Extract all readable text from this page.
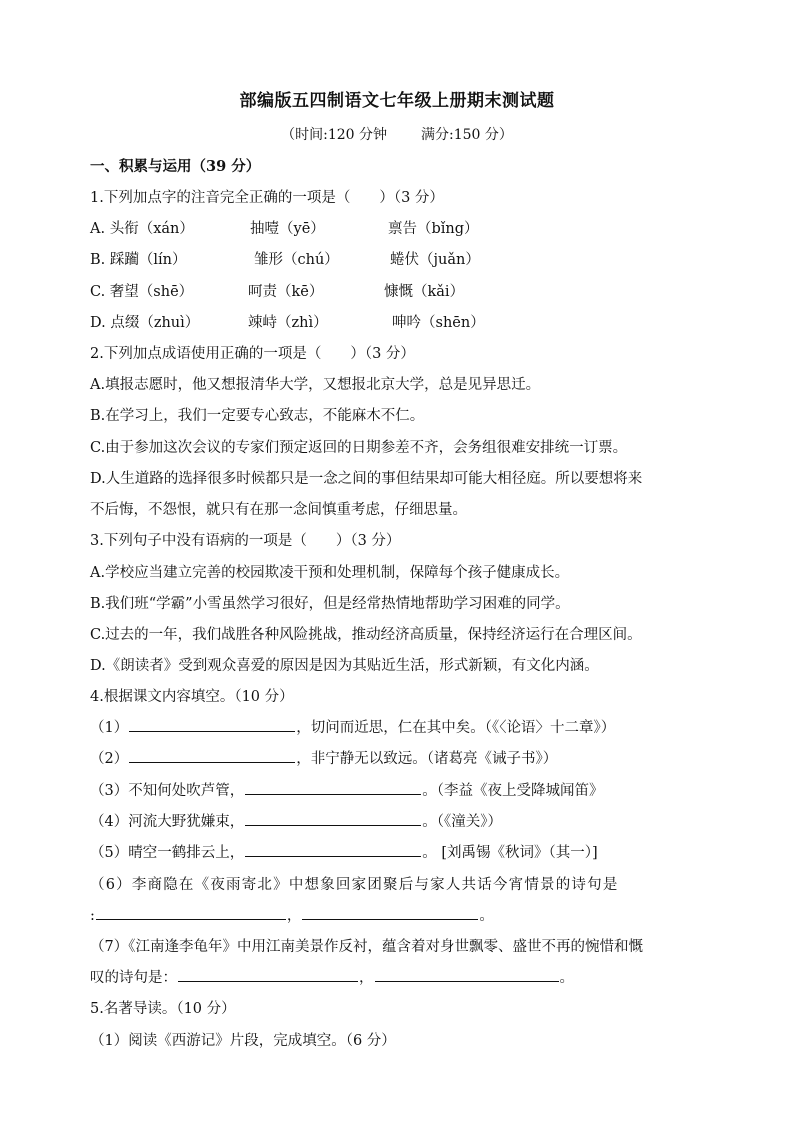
部编版五四制语文七年级上册期末测试题
（时间:120 分钟 满分:150 分）
一、积累与运用（39 分）
1.下列加点字的注音完全正确的一项是（　　）（3 分）
A. 头衔（xán）	抽噎（yē）	禀告（bǐng）
B. 踩躏（lín）	雏形（chú）	蜷伏（juǎn）
C. 奢望（shē）	呵责（kē）	慷慨（kǎi）
D. 点缀（zhuì）	竦峙（zhì）	呻吟（shēn）
2.下列加点成语使用正确的一项是（　　）（3 分）
A.填报志愿时，他又想报清华大学，又想报北京大学，总是见异思迁。
B.在学习上，我们一定要专心致志，不能麻木不仁。
C.由于参加这次会议的专家们预定返回的日期参差不齐，会务组很难安排统一订票。
D.人生道路的选择很多时候都只是一念之间的事但结果却可能大相径庭。所以要想将来
不后悔，不怨恨，就只有在那一念间慎重考虑，仔细思量。
3.下列句子中没有语病的一项是（　　）（3 分）
A.学校应当建立完善的校园欺凌干预和处理机制，保障每个孩子健康成长。
B.我们班“学霸”小雪虽然学习很好，但是经常热情地帮助学习困难的同学。
C.过去的一年，我们战胜各种风险挑战，推动经济高质量，保持经济运行在合理区间。
D.《朗读者》受到观众喜爱的原因是因为其贴近生活，形式新颖，有文化内涵。
4.根据课文内容填空。（10 分）
（1）	，切问而近思，仁在其中矣。（《〈论语〉十二章》）
（2）	，非宁静无以致远。（诸葛亮《诫子书》）
（3）不知何处吹芦管，	。（李益《夜上受降城闻笛》
（4）河流大野犹嫌束，	。（《潼关》）
（5）晴空一鹤排云上，	。 [刘禹锡《秋词》（其一）]
（6）李商隐在《夜雨寄北》中想象回家团聚后与家人共话今宵情景的诗句是
:	，	。
（7）《江南逢李龟年》中用江南美景作反衬，蕴含着对身世飘零、盛世不再的惋惜和慨
叹的诗句是：	，	。
5.名著导读。（10 分）
（1）阅读《西游记》片段，完成填空。（6 分）
